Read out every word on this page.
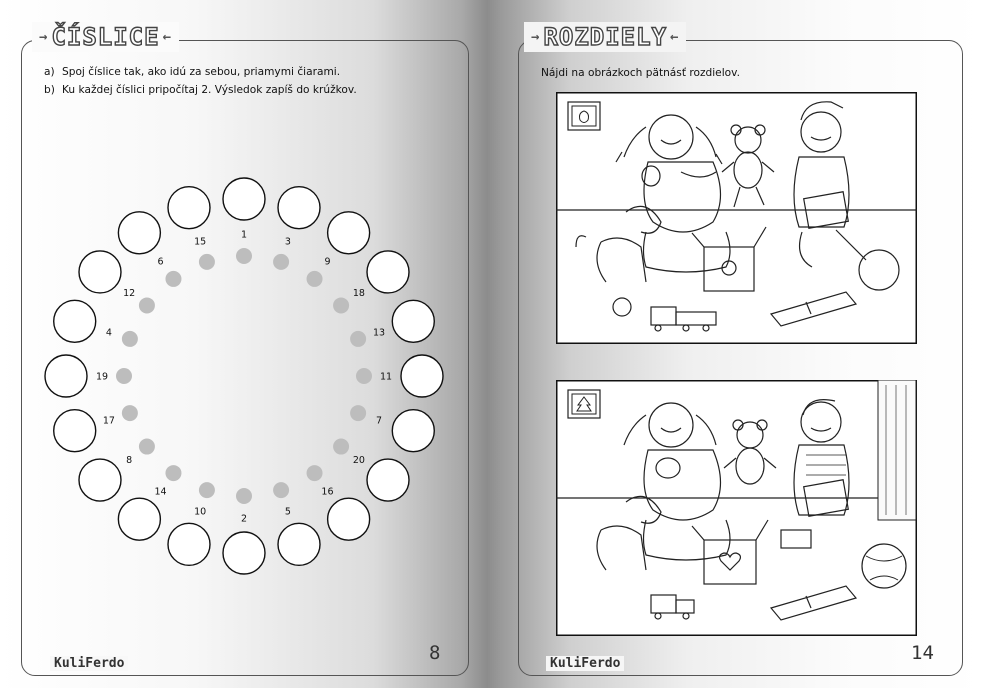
→ ČÍSLICE ←
a) Spoj číslice tak, ako idú za sebou, priamymi čiarami.
b) Ku každej číslici pripočítaj 2. Výsledok zapíš do krúžkov.
1
3
9
18
13
11
7
20
16
5
2
10
14
8
17
19
4
12
6
15
KuliFerdo	8
→ ROZDIELY ←
Nájdi na obrázkoch pätnásť rozdielov.
KuliFerdo	14
